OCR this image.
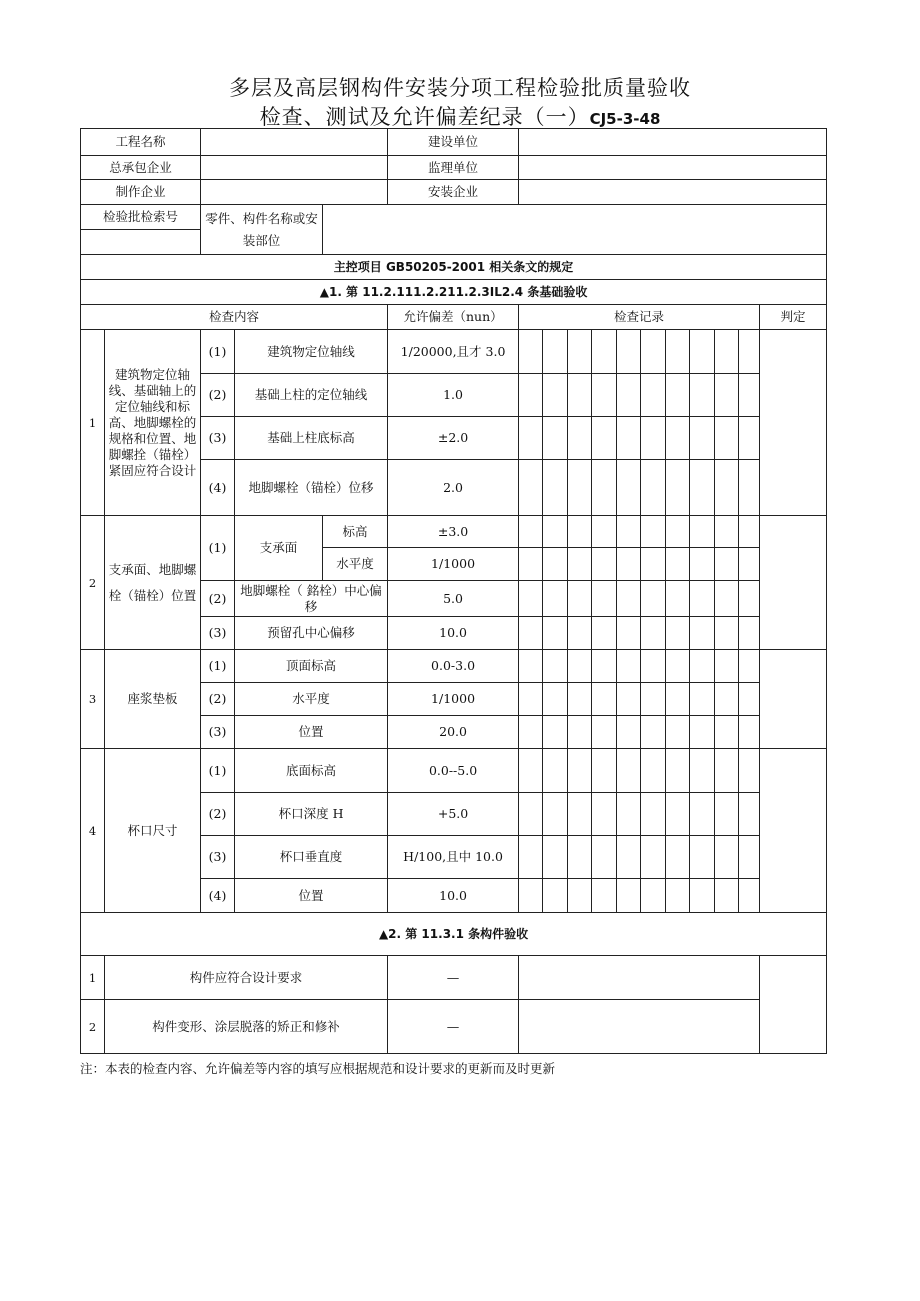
多层及高层钢构件安装分项工程检验批质量验收
检查、测试及允许偏差纪录（一）CJ5-3-48
工程名称					建设单位											
总承包企业					监理单位											
制作企业					安装企业											
检验批检索号		零件、构件名称或安装部位														

主控项目 GB50205-2001 相关条文的规定																
▲1. 第 11.2.111.2.211.2.3IL2.4 条基础验收																
检查内容					允许偏差（nun）	检查记录										判定
1	建筑物定位轴线、基础轴上的定位轴线和标高、地脚螺栓的规格和位置、地脚螺拴（锚栓）紧固应符合设计	(1)	建筑物定位轴线		1/20000,且才 3.0											
		(2)	基础上柱的定位轴线		1.0											
		(3)	基础上柱底标高		±2.0											
		(4)	地脚螺栓（锚栓）位移		2.0											
2	支承面、地脚螺栓（锚栓）位置	(1)	支承面	标高	±3.0											
				水平度	1/1000											
		(2)	地脚螺栓（ 銘栓）中心偏移		5.0											
		(3)	预留孔中心偏移		10.0											
3	座浆垫板	(1)	顶面标高		0.0-3.0											
		(2)	水平度		1/1000											
		(3)	位置		20.0											
4	杯口尺寸	(1)	底面标高		0.0--5.0											
		(2)	杯口深度 H		+5.0											
		(3)	杯口垂直度		H/100,且中 10.0											
		(4)	位置		10.0											
▲2. 第 11.3.1 条构件验收																
1	构件应符合设计要求				—											
2	构件变形、涂层脱落的矫正和修补				—											
注：本表的检查内容、允许偏差等内容的填写应根据规范和设计要求的更新而及时更新
